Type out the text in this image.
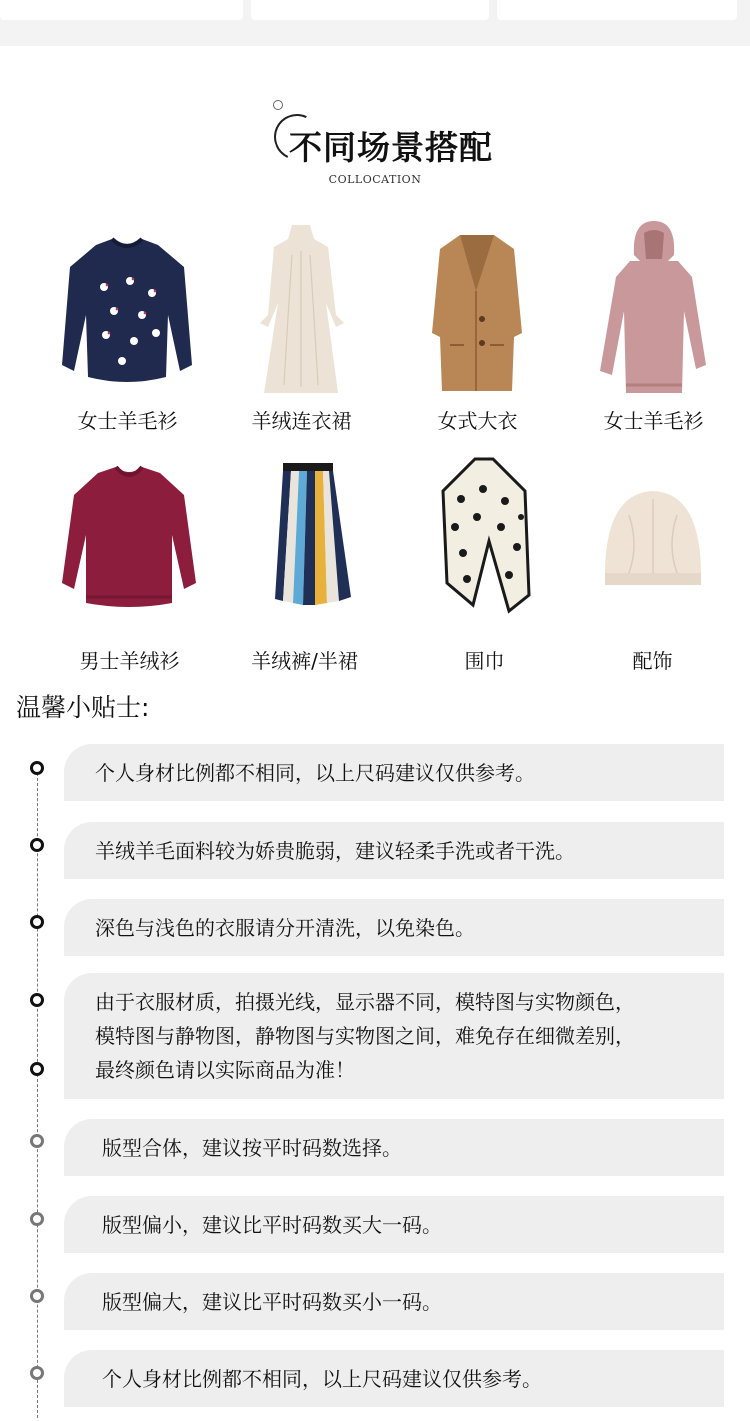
不同场景搭配
COLLOCATION
女士羊毛衫	羊绒连衣裙	女式大衣	女士羊毛衫
男士羊绒衫	羊绒裤/半裙	围巾	配饰
温馨小贴士:
个人身材比例都不相同，以上尺码建议仅供参考。
羊绒羊毛面料较为娇贵脆弱，建议轻柔手洗或者干洗。
深色与浅色的衣服请分开清洗，以免染色。
由于衣服材质，拍摄光线，显示器不同，模特图与实物颜色，
模特图与静物图，静物图与实物图之间，难免存在细微差别，
最终颜色请以实际商品为准！
版型合体，建议按平时码数选择。
版型偏小，建议比平时码数买大一码。
版型偏大，建议比平时码数买小一码。
个人身材比例都不相同，以上尺码建议仅供参考。
